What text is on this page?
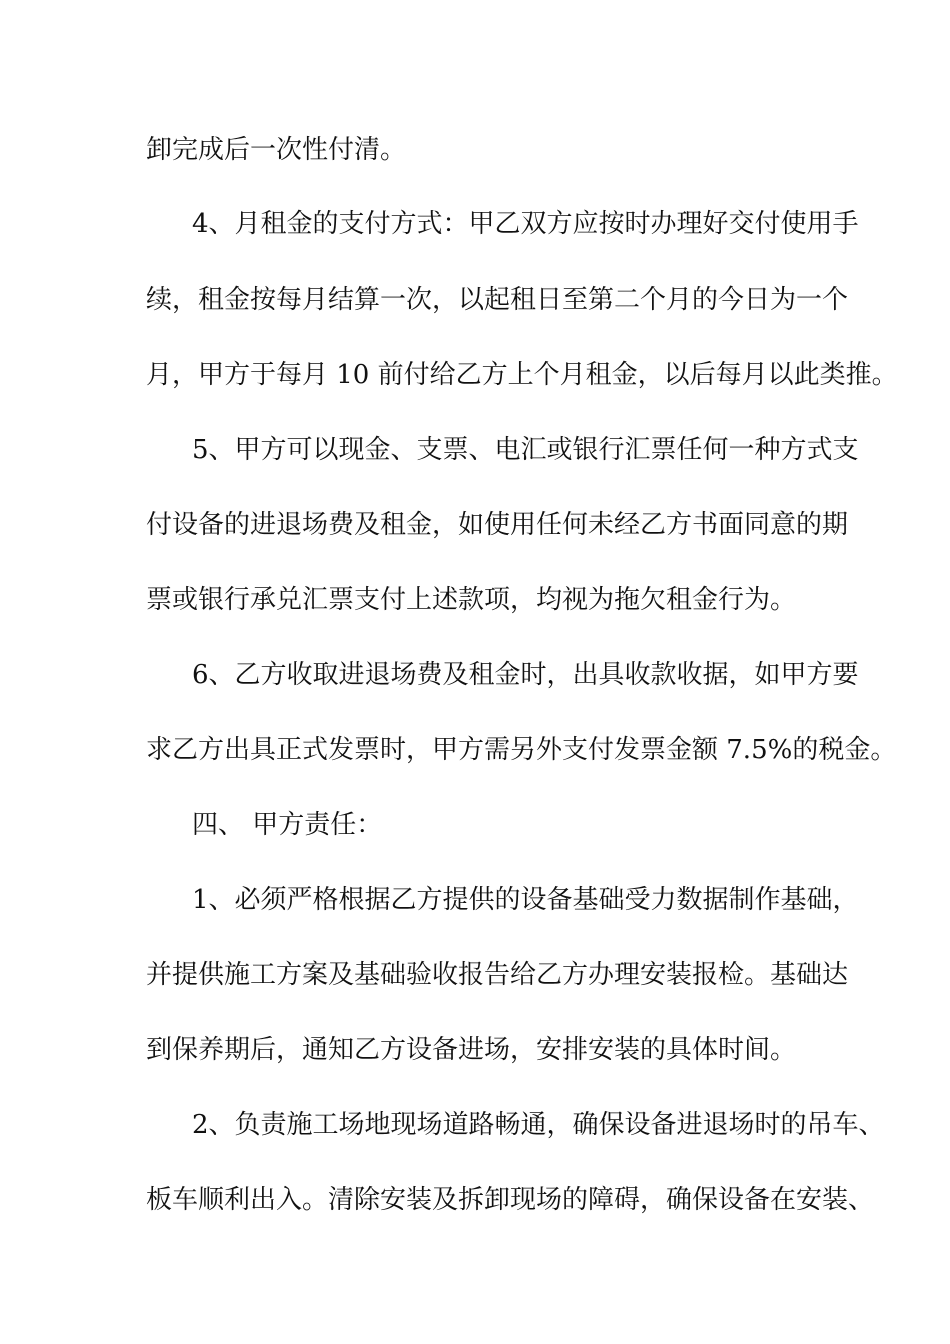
卸完成后一次性付清。
4、月租金的支付方式：甲乙双方应按时办理好交付使用手
续，租金按每月结算一次，以起租日至第二个月的今日为一个
月，甲方于每月 10 前付给乙方上个月租金，以后每月以此类推。
5、甲方可以现金、支票、电汇或银行汇票任何一种方式支
付设备的进退场费及租金，如使用任何未经乙方书面同意的期
票或银行承兑汇票支付上述款项，均视为拖欠租金行为。
6、乙方收取进退场费及租金时，出具收款收据，如甲方要
求乙方出具正式发票时，甲方需另外支付发票金额 7.5%的税金。
四、 甲方责任：
1、必须严格根据乙方提供的设备基础受力数据制作基础，
并提供施工方案及基础验收报告给乙方办理安装报检。基础达
到保养期后，通知乙方设备进场，安排安装的具体时间。
2、负责施工场地现场道路畅通，确保设备进退场时的吊车、
板车顺利出入。清除安装及拆卸现场的障碍，确保设备在安装、
